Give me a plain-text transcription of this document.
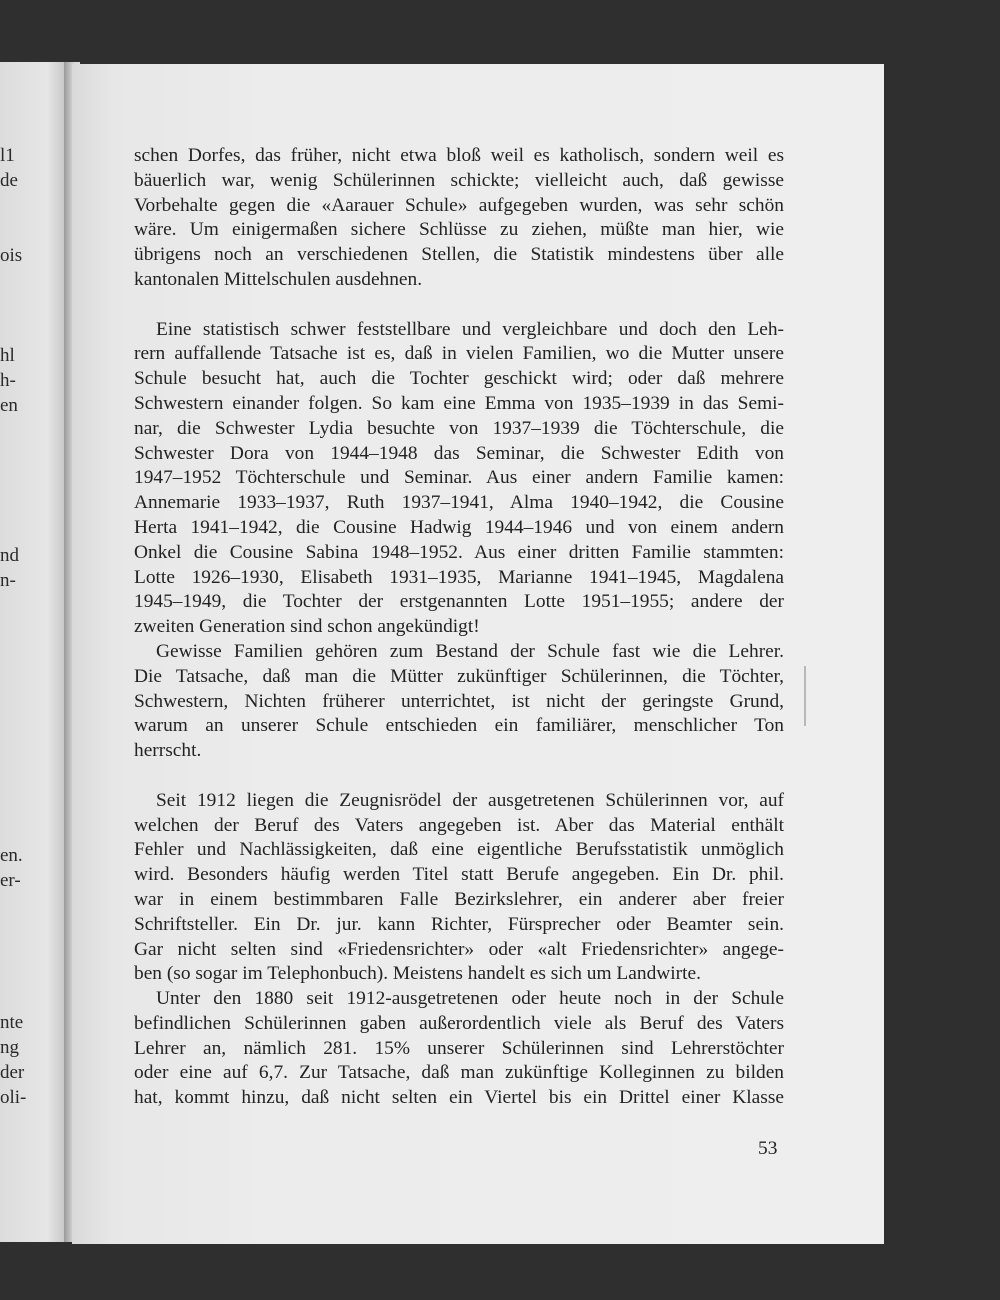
l1
de
ois
hl
h-
en
nd
n-
en.
er-
nte
ng
der
oli-
schen Dorfes, das früher, nicht etwa bloß weil es katholisch, sondern weil es
bäuerlich war, wenig Schülerinnen schickte; vielleicht auch, daß gewisse
Vorbehalte gegen die «Aarauer Schule» aufgegeben wurden, was sehr schön
wäre. Um einigermaßen sichere Schlüsse zu ziehen, müßte man hier, wie
übrigens noch an verschiedenen Stellen, die Statistik mindestens über alle
kantonalen Mittelschulen ausdehnen.
Eine statistisch schwer feststellbare und vergleichbare und doch den Leh-
rern auffallende Tatsache ist es, daß in vielen Familien, wo die Mutter unsere
Schule besucht hat, auch die Tochter geschickt wird; oder daß mehrere
Schwestern einander folgen. So kam eine Emma von 1935–1939 in das Semi-
nar, die Schwester Lydia besuchte von 1937–1939 die Töchterschule, die
Schwester Dora von 1944–1948 das Seminar, die Schwester Edith von
1947–1952 Töchterschule und Seminar. Aus einer andern Familie kamen:
Annemarie 1933–1937, Ruth 1937–1941, Alma 1940–1942, die Cousine
Herta 1941–1942, die Cousine Hadwig 1944–1946 und von einem andern
Onkel die Cousine Sabina 1948–1952. Aus einer dritten Familie stammten:
Lotte 1926–1930, Elisabeth 1931–1935, Marianne 1941–1945, Magdalena
1945–1949, die Tochter der erstgenannten Lotte 1951–1955; andere der
zweiten Generation sind schon angekündigt!
Gewisse Familien gehören zum Bestand der Schule fast wie die Lehrer.
Die Tatsache, daß man die Mütter zukünftiger Schülerinnen, die Töchter,
Schwestern, Nichten früherer unterrichtet, ist nicht der geringste Grund,
warum an unserer Schule entschieden ein familiärer, menschlicher Ton
herrscht.
Seit 1912 liegen die Zeugnisrödel der ausgetretenen Schülerinnen vor, auf
welchen der Beruf des Vaters angegeben ist. Aber das Material enthält
Fehler und Nachlässigkeiten, daß eine eigentliche Berufsstatistik unmöglich
wird. Besonders häufig werden Titel statt Berufe angegeben. Ein Dr. phil.
war in einem bestimmbaren Falle Bezirkslehrer, ein anderer aber freier
Schriftsteller. Ein Dr. jur. kann Richter, Fürsprecher oder Beamter sein.
Gar nicht selten sind «Friedensrichter» oder «alt Friedensrichter» angege-
ben (so sogar im Telephonbuch). Meistens handelt es sich um Landwirte.
Unter den 1880 seit 1912-ausgetretenen oder heute noch in der Schule
befindlichen Schülerinnen gaben außerordentlich viele als Beruf des Vaters
Lehrer an, nämlich 281. 15% unserer Schülerinnen sind Lehrerstöchter
oder eine auf 6,7. Zur Tatsache, daß man zukünftige Kolleginnen zu bilden
hat, kommt hinzu, daß nicht selten ein Viertel bis ein Drittel einer Klasse
53
